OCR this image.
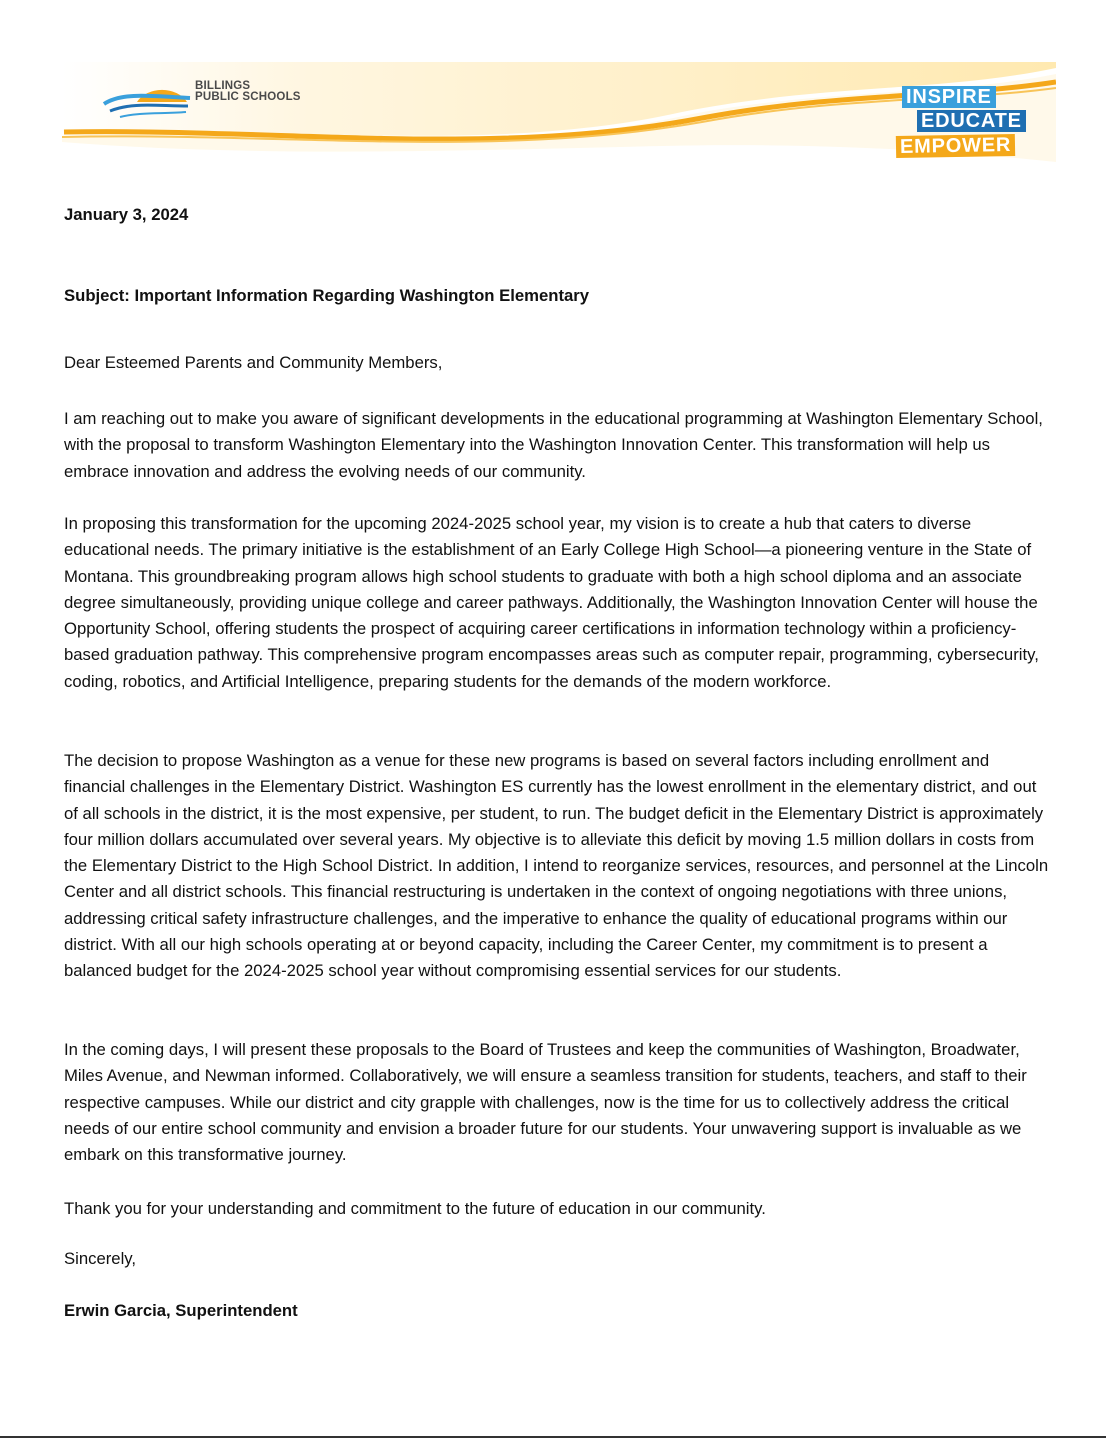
BILLINGS
PUBLIC SCHOOLS	INSPIRE
EDUCATE
EMPOWER
January 3, 2024
Subject: Important Information Regarding Washington Elementary
Dear Esteemed Parents and Community Members,

I am reaching out to make you aware of significant developments in the educational programming at Washington Elementary School, with the proposal to transform Washington Elementary into the Washington Innovation Center. This transformation will help us embrace innovation and address the evolving needs of our community.

In proposing this transformation for the upcoming 2024-2025 school year, my vision is to create a hub that caters to diverse educational needs. The primary initiative is the establishment of an Early College High School—a pioneering venture in the State of Montana. This groundbreaking program allows high school students to graduate with both a high school diploma and an associate degree simultaneously, providing unique college and career pathways. Additionally, the Washington Innovation Center will house the Opportunity School, offering students the prospect of acquiring career certifications in information technology within a proficiency-based graduation pathway. This comprehensive program encompasses areas such as computer repair, programming, cybersecurity, coding, robotics, and Artificial Intelligence, preparing students for the demands of the modern workforce.

The decision to propose Washington as a venue for these new programs is based on several factors including enrollment and financial challenges in the Elementary District. Washington ES currently has the lowest enrollment in the elementary district, and out of all schools in the district, it is the most expensive, per student, to run. The budget deficit in the Elementary District is approximately four million dollars accumulated over several years. My objective is to alleviate this deficit by moving 1.5 million dollars in costs from the Elementary District to the High School District. In addition, I intend to reorganize services, resources, and personnel at the Lincoln Center and all district schools. This financial restructuring is undertaken in the context of ongoing negotiations with three unions, addressing critical safety infrastructure challenges, and the imperative to enhance the quality of educational programs within our district. With all our high schools operating at or beyond capacity, including the Career Center, my commitment is to present a balanced budget for the 2024-2025 school year without compromising essential services for our students.

In the coming days, I will present these proposals to the Board of Trustees and keep the communities of Washington, Broadwater, Miles Avenue, and Newman informed. Collaboratively, we will ensure a seamless transition for students, teachers, and staff to their respective campuses. While our district and city grapple with challenges, now is the time for us to collectively address the critical needs of our entire school community and envision a broader future for our students. Your unwavering support is invaluable as we embark on this transformative journey.

Thank you for your understanding and commitment to the future of education in our community.

Sincerely,
Erwin Garcia, Superintendent
